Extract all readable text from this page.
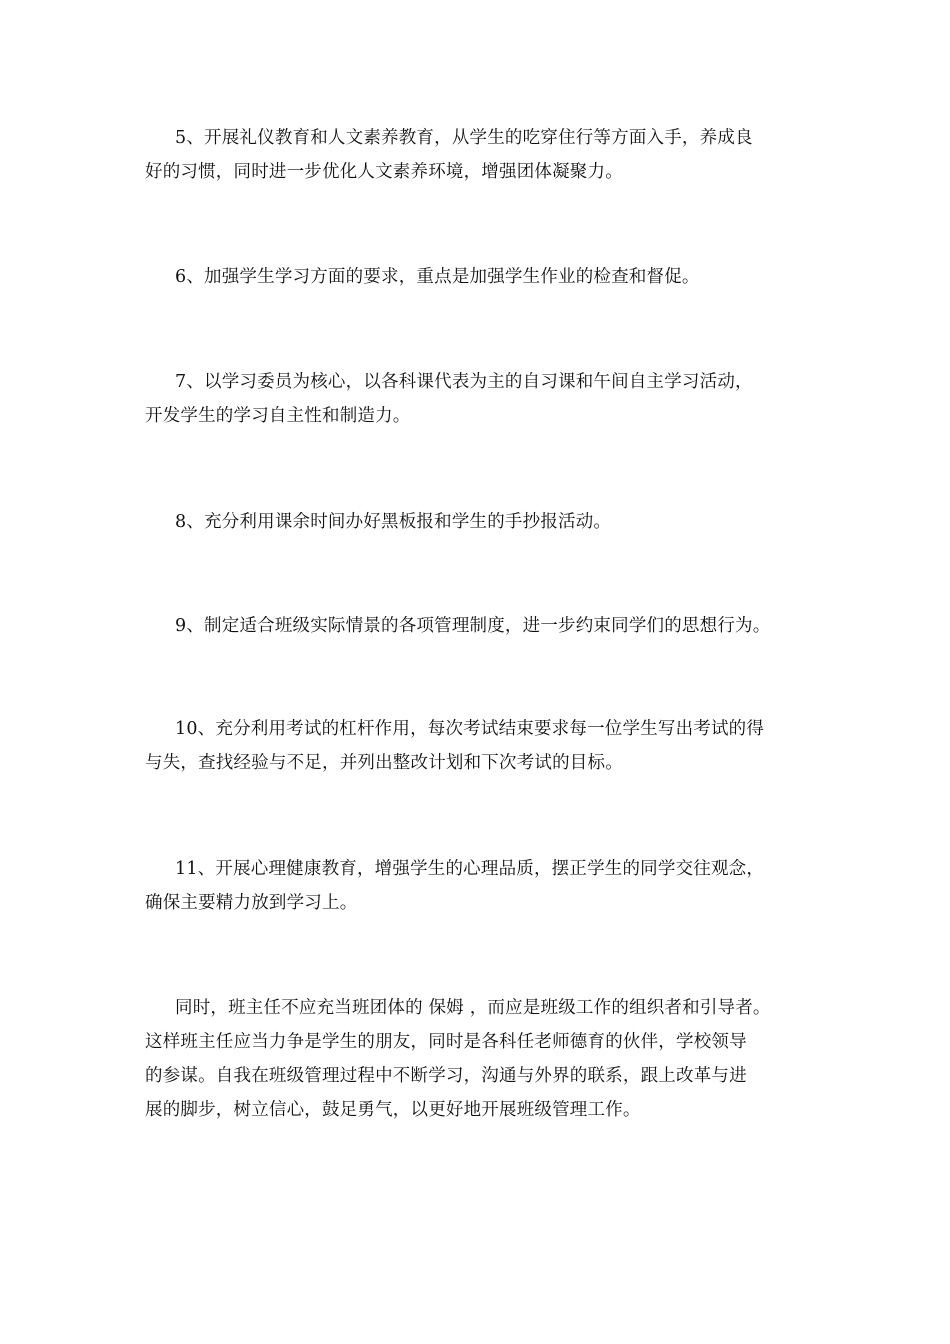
5、开展礼仪教育和人文素养教育，从学生的吃穿住行等方面入手，养成良
好的习惯，同时进一步优化人文素养环境，增强团体凝聚力。
6、加强学生学习方面的要求，重点是加强学生作业的检查和督促。
7、以学习委员为核心，以各科课代表为主的自习课和午间自主学习活动，
开发学生的学习自主性和制造力。
8、充分利用课余时间办好黑板报和学生的手抄报活动。
9、制定适合班级实际情景的各项管理制度，进一步约束同学们的思想行为。
10、充分利用考试的杠杆作用，每次考试结束要求每一位学生写出考试的得
与失，查找经验与不足，并列出整改计划和下次考试的目标。
11、开展心理健康教育，增强学生的心理品质，摆正学生的同学交往观念，
确保主要精力放到学习上。
同时，班主任不应充当班团体的 保姆 ，而应是班级工作的组织者和引导者。
这样班主任应当力争是学生的朋友，同时是各科任老师德育的伙伴，学校领导
的参谋。自我在班级管理过程中不断学习，沟通与外界的联系，跟上改革与进
展的脚步，树立信心，鼓足勇气，以更好地开展班级管理工作。
